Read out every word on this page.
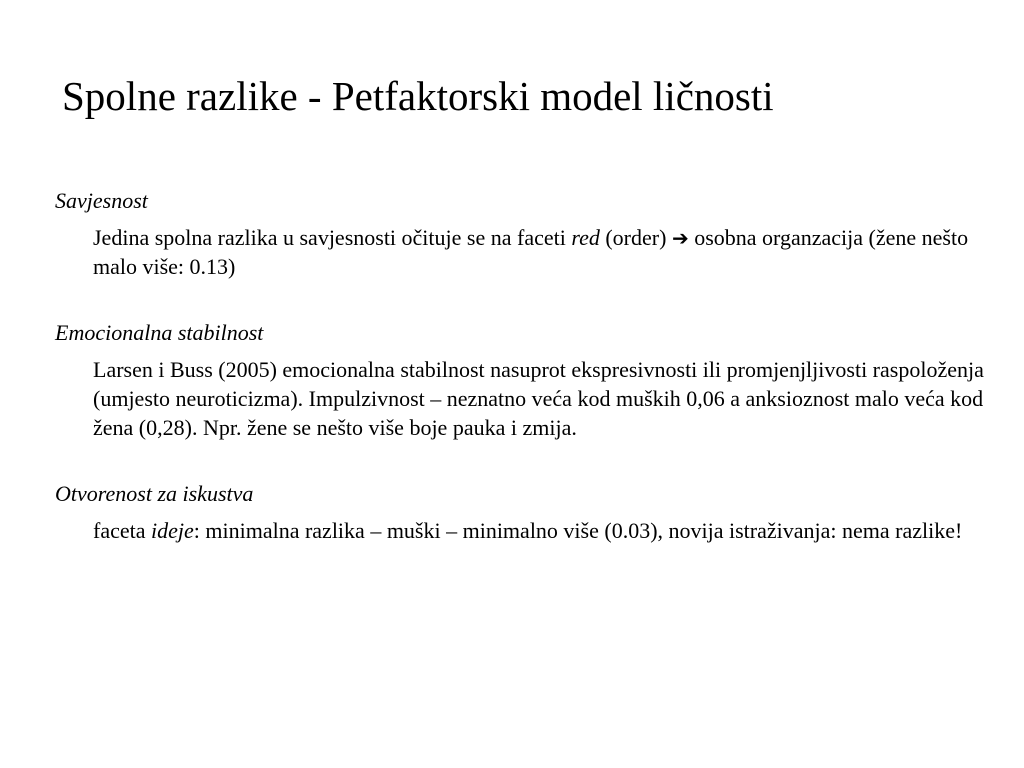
Spolne razlike - Petfaktorski model ličnosti

Savjesnost

Jedina spolna razlika u savjesnosti očituje se na faceti red (order) ➔ osobna organzacija (žene nešto malo više: 0.13)

Emocionalna stabilnost

Larsen i Buss (2005) emocionalna stabilnost nasuprot ekspresivnosti ili promjenjljivosti raspoloženja (umjesto neuroticizma). Impulzivnost – neznatno veća kod muških 0,06 a anksioznost malo veća kod žena (0,28). Npr. žene se nešto više boje pauka i zmija.

Otvorenost za iskustva

faceta ideje: minimalna razlika – muški – minimalno više (0.03), novija istraživanja: nema razlike!
